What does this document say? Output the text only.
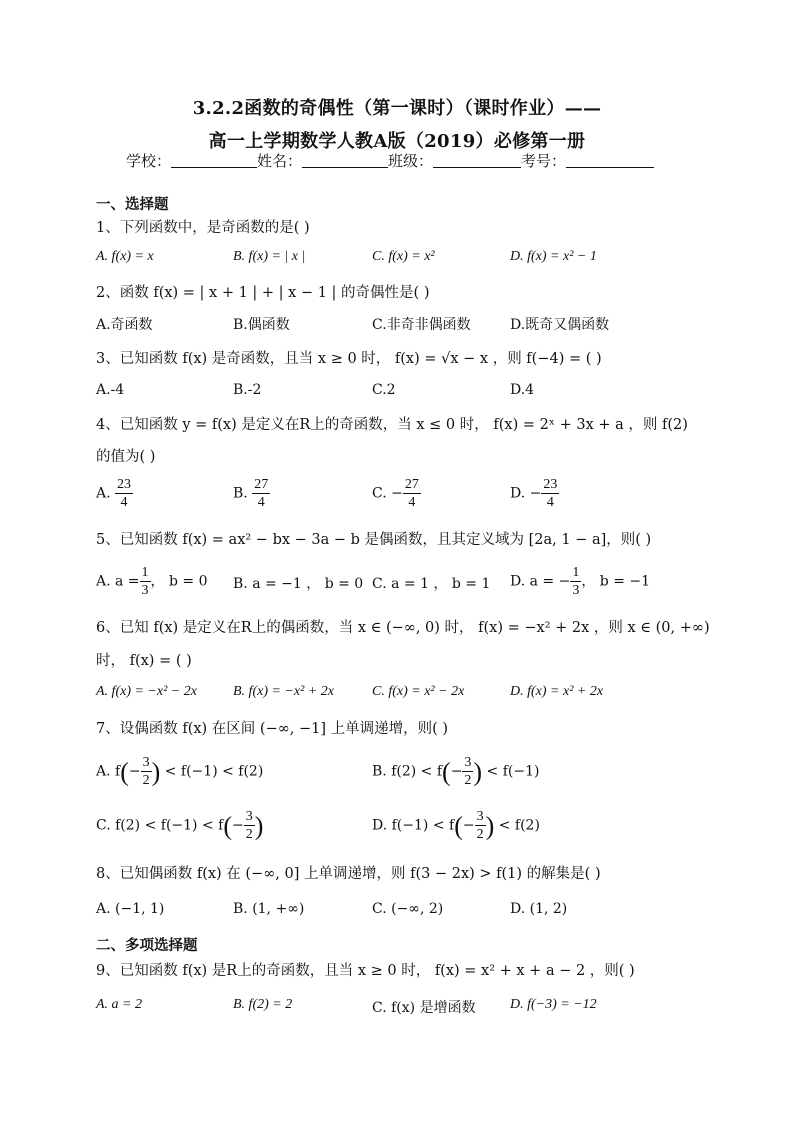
3.2.2函数的奇偶性（第一课时）（课时作业）——
高一上学期数学人教A版（2019）必修第一册
学校：	姓名：	班级：	考号：
一、选择题
1、下列函数中，是奇函数的是( )
A. f(x) = x	B. f(x) = | x |	C. f(x) = x²	D. f(x) = x² − 1
2、函数 f(x) = | x + 1 | + | x − 1 | 的奇偶性是( )
A.奇函数	B.偶函数	C.非奇非偶函数	D.既奇又偶函数
3、已知函数 f(x) 是奇函数，且当 x ≥ 0 时， f(x) = √x − x ，则 f(−4) = ( )
A.-4	B.-2	C.2	D.4
4、已知函数 y = f(x) 是定义在R上的奇函数，当 x ≤ 0 时， f(x) = 2ˣ + 3x + a ，则 f(2)
的值为( )
A. $\frac{23}{4}$	B. $\frac{27}{4}$	C. − $\frac{27}{4}$	D. − $\frac{23}{4}$
5、已知函数 f(x) = ax² − bx − 3a − b 是偶函数，且其定义域为 [2a, 1 − a]，则( )
A. $a = \frac{1}{3}$ ， b = 0 B. a = −1 ， b = 0 C. a = 1 ， b = 1 D. a = − $\frac{1}{3}$ ， b = −1
6、已知 f(x) 是定义在R上的偶函数，当 x ∈ (−∞, 0) 时， f(x) = −x² + 2x ，则 x ∈ (0, +∞)
时， f(x) = ( )
A. f(x) = −x² − 2x	B. f(x) = −x² + 2x	C. f(x) = x² − 2x	D. f(x) = x² + 2x
7、设偶函数 f(x) 在区间 (−∞, −1] 上单调递增，则( )
A. $f(- \frac{3}{2}$ ) < f(−1) < f(2)	B. $f(2) < f(- \frac{3}{2}$ ) < f(−1)
C. $f(2) < f(-1) < f(- \frac{3}{2}$ )	D. $f(-1) < f(- \frac{3}{2}$ ) < f(2)
8、已知偶函数 f(x) 在 (−∞, 0] 上单调递增，则 f(3 − 2x) > f(1) 的解集是( )
A. (−1, 1)	B. (1, +∞)	C. (−∞, 2)	D. (1, 2)
二、多项选择题
9、已知函数 f(x) 是R上的奇函数，且当 x ≥ 0 时， f(x) = x² + x + a − 2 ，则( )
A. a = 2	B. f(2) = 2	C. f(x) 是增函数 D. f(−3) = −12
